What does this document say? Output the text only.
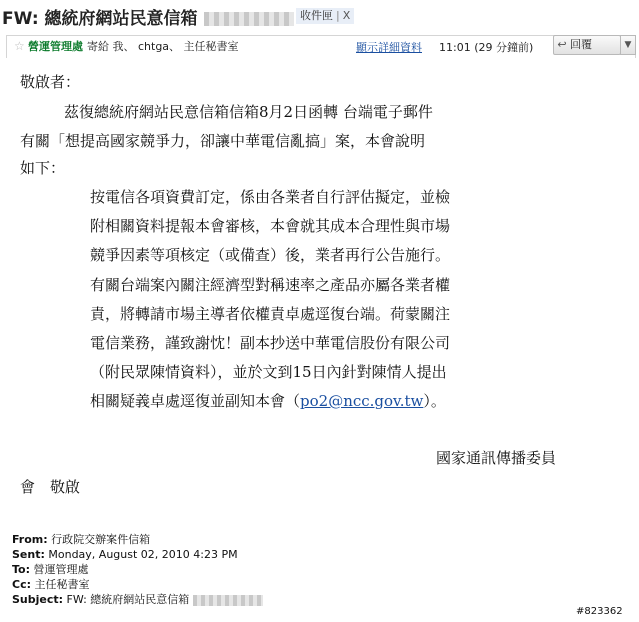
FW: 總統府網站民意信箱	收件匣 | X
☆ 營運管理處 寄給 我、 chtga、 主任秘書室	顯示詳細資料 11:01 (29 分鐘前)	↩ 回覆	▼
敬啟者：
茲復總統府網站民意信箱信箱8月2日函轉 台端電子郵件
有關「想提高國家競爭力，卻讓中華電信亂搞」案，本會說明
如下：
按電信各項資費訂定，係由各業者自行評估擬定，並檢
附相關資料提報本會審核，本會就其成本合理性與市場
競爭因素等項核定（或備查）後，業者再行公告施行。
有關台端案內關注經濟型對稱速率之產品亦屬各業者權
責，將轉請市場主導者依權責卓處逕復台端。荷蒙關注
電信業務，謹致謝忱！副本抄送中華電信股份有限公司
（附民眾陳情資料），並於文到15日內針對陳情人提出
相關疑義卓處逕復並副知本會（po2@ncc.gov.tw）。
國家通訊傳播委員
會　敬啟
From: 行政院交辦案件信箱
Sent: Monday, August 02, 2010 4:23 PM
To: 營運管理處
Cc: 主任秘書室
Subject: FW: 總統府網站民意信箱
#823362
